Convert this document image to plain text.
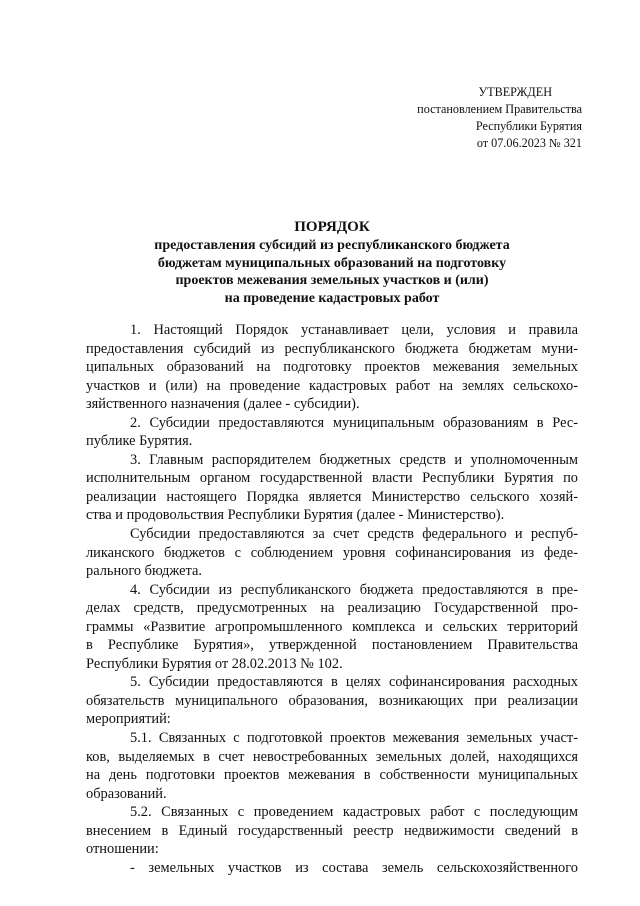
УТВЕРЖДЕН
постановлением Правительства
Республики Бурятия
от 07.06.2023 № 321
ПОРЯДОК
предоставления субсидий из республиканского бюджета
бюджетам муниципальных образований на подготовку
проектов межевания земельных участков и (или)
на проведение кадастровых работ
1. Настоящий Порядок устанавливает цели, условия и правила
предоставления субсидий из республиканского бюджета бюджетам муни-
ципальных образований на подготовку проектов межевания земельных
участков и (или) на проведение кадастровых работ на землях сельскохо-
зяйственного назначения (далее - субсидии).
2. Субсидии предоставляются муниципальным образованиям в Рес-
публике Бурятия.
3. Главным распорядителем бюджетных средств и уполномоченным
исполнительным органом государственной власти Республики Бурятия по
реализации настоящего Порядка является Министерство сельского хозяй-
ства и продовольствия Республики Бурятия (далее - Министерство).
Субсидии предоставляются за счет средств федерального и респуб-
ликанского бюджетов с соблюдением уровня софинансирования из феде-
рального бюджета.
4. Субсидии из республиканского бюджета предоставляются в пре-
делах средств, предусмотренных на реализацию Государственной про-
граммы «Развитие агропромышленного комплекса и сельских территорий
в Республике Бурятия», утвержденной постановлением Правительства
Республики Бурятия от 28.02.2013 № 102.
5. Субсидии предоставляются в целях софинансирования расходных
обязательств муниципального образования, возникающих при реализации
мероприятий:
5.1. Связанных с подготовкой проектов межевания земельных участ-
ков, выделяемых в счет невостребованных земельных долей, находящихся
на день подготовки проектов межевания в собственности муниципальных
образований.
5.2. Связанных с проведением кадастровых работ с последующим
внесением в Единый государственный реестр недвижимости сведений в
отношении:
- земельных участков из состава земель сельскохозяйственного
